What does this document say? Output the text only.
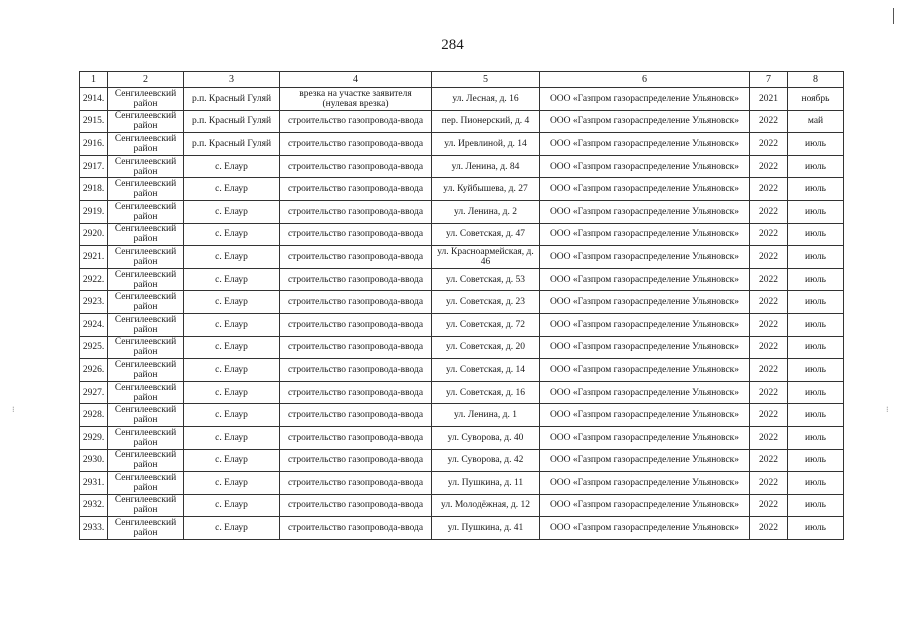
⁝	⁝
284
1	2	3	4	5	6	7	8
2914.	Сенгилеевский район	р.п. Красный Гуляй	врезка на участке заявителя (нулевая врезка)	ул. Лесная, д. 16	ООО «Газпром газораспределение Ульяновск»	2021	ноябрь
2915.	Сенгилеевский район	р.п. Красный Гуляй	строительство газопровода-ввода	пер. Пионерский, д. 4	ООО «Газпром газораспределение Ульяновск»	2022	май
2916.	Сенгилеевский район	р.п. Красный Гуляй	строительство газопровода-ввода	ул. Ирeвлиной, д. 14	ООО «Газпром газораспределение Ульяновск»	2022	июль
2917.	Сенгилеевский район	с. Елаур	строительство газопровода-ввода	ул. Ленина, д. 84	ООО «Газпром газораспределение Ульяновск»	2022	июль
2918.	Сенгилеевский район	с. Елаур	строительство газопровода-ввода	ул. Куйбышева, д. 27	ООО «Газпром газораспределение Ульяновск»	2022	июль
2919.	Сенгилеевский район	с. Елаур	строительство газопровода-ввода	ул. Ленина, д. 2	ООО «Газпром газораспределение Ульяновск»	2022	июль
2920.	Сенгилеевский район	с. Елаур	строительство газопровода-ввода	ул. Советская, д. 47	ООО «Газпром газораспределение Ульяновск»	2022	июль
2921.	Сенгилеевский район	с. Елаур	строительство газопровода-ввода	ул. Красноармейская, д. 46	ООО «Газпром газораспределение Ульяновск»	2022	июль
2922.	Сенгилеевский район	с. Елаур	строительство газопровода-ввода	ул. Советская, д. 53	ООО «Газпром газораспределение Ульяновск»	2022	июль
2923.	Сенгилеевский район	с. Елаур	строительство газопровода-ввода	ул. Советская, д. 23	ООО «Газпром газораспределение Ульяновск»	2022	июль
2924.	Сенгилеевский район	с. Елаур	строительство газопровода-ввода	ул. Советская, д. 72	ООО «Газпром газораспределение Ульяновск»	2022	июль
2925.	Сенгилеевский район	с. Елаур	строительство газопровода-ввода	ул. Советская, д. 20	ООО «Газпром газораспределение Ульяновск»	2022	июль
2926.	Сенгилеевский район	с. Елаур	строительство газопровода-ввода	ул. Советская, д. 14	ООО «Газпром газораспределение Ульяновск»	2022	июль
2927.	Сенгилеевский район	с. Елаур	строительство газопровода-ввода	ул. Советская, д. 16	ООО «Газпром газораспределение Ульяновск»	2022	июль
2928.	Сенгилеевский район	с. Елаур	строительство газопровода-ввода	ул. Ленина, д. 1	ООО «Газпром газораспределение Ульяновск»	2022	июль
2929.	Сенгилеевский район	с. Елаур	строительство газопровода-ввода	ул. Суворова, д. 40	ООО «Газпром газораспределение Ульяновск»	2022	июль
2930.	Сенгилеевский район	с. Елаур	строительство газопровода-ввода	ул. Суворова, д. 42	ООО «Газпром газораспределение Ульяновск»	2022	июль
2931.	Сенгилеевский район	с. Елаур	строительство газопровода-ввода	ул. Пушкина, д. 11	ООО «Газпром газораспределение Ульяновск»	2022	июль
2932.	Сенгилеевский район	с. Елаур	строительство газопровода-ввода	ул. Молодёжная, д. 12	ООО «Газпром газораспределение Ульяновск»	2022	июль
2933.	Сенгилеевский район	с. Елаур	строительство газопровода-ввода	ул. Пушкина, д. 41	ООО «Газпром газораспределение Ульяновск»	2022	июль
